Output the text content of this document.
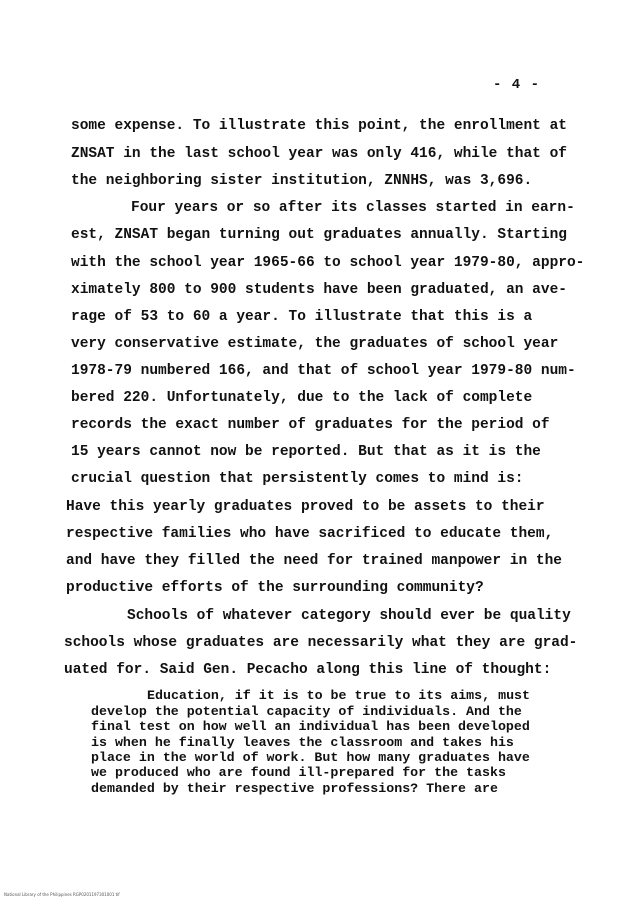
- 4 -

some expense. To illustrate this point, the enrollment at

ZNSAT in the last school year was only 416, while that of

the neighboring sister institution, ZNNHS, was 3,696.

Four years or so after its classes started in earn-

est, ZNSAT began turning out graduates annually. Starting

with the school year 1965-66 to school year 1979-80, appro-

ximately 800 to 900 students have been graduated, an ave-

rage of 53 to 60 a year. To illustrate that this is a

very conservative estimate, the graduates of school year

1978-79 numbered 166, and that of school year 1979-80 num-

bered 220. Unfortunately, due to the lack of complete

records the exact number of graduates for the period of

15 years cannot now be reported. But that as it is the

crucial question that persistently comes to mind is:

Have this yearly graduates proved to be assets to their

respective families who have sacrificed to educate them,

and have they filled the need for trained manpower in the

productive efforts of the surrounding community?

Schools of whatever category should ever be quality

schools whose graduates are necessarily what they are grad-

uated for. Said Gen. Pecacho along this line of thought:

Education, if it is to be true to its aims, must

develop the potential capacity of individuals. And the

final test on how well an individual has been developed

is when he finally leaves the classroom and takes his

place in the world of work. But how many graduates have

we produced who are found ill-prepared for the tasks

demanded by their respective professions? There are

National Library of the Philippines RGP0201197301001 tif
